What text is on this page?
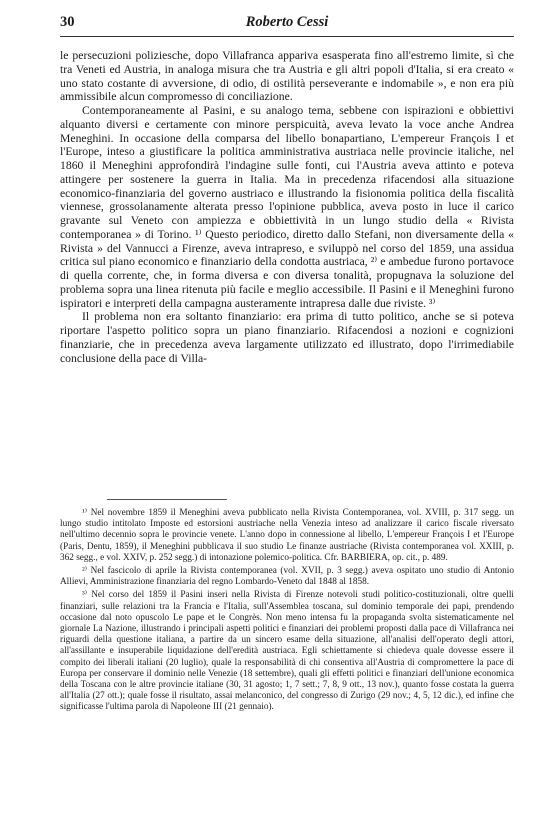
30	Roberto Cessi

le persecuzioni poliziesche, dopo Villafranca appariva esasperata fino all'estremo limite, sì che tra Veneti ed Austria, in analoga misura che tra Austria e gli altri popoli d'Italia, si era creato « uno stato costante di avversione, di odio, di ostilità perseverante e indomabile », e non era più ammissibile alcun compromesso di conciliazione.

Contemporaneamente al Pasini, e su analogo tema, sebbene con ispirazioni e obbiettivi alquanto diversi e certamente con minore perspicuità, aveva levato la voce anche Andrea Meneghini. In occasione della comparsa del libello bonapartiano, L'empereur François I et l'Europe, inteso a giustificare la politica amministrativa austriaca nelle provincie italiche, nel 1860 il Meneghini approfondirà l'indagine sulle fonti, cui l'Austria aveva attinto e poteva attingere per sostenere la guerra in Italia. Ma in precedenza rifacendosi alla situazione economico-finanziaria del governo austriaco e illustrando la fisionomia politica della fiscalità viennese, grossolanamente alterata presso l'opinione pubblica, aveva posto in luce il carico gravante sul Veneto con ampiezza e obbiettività in un lungo studio della « Rivista contemporanea » di Torino. ¹⁾ Questo periodico, diretto dallo Stefani, non diversamente della « Rivista » del Vannucci a Firenze, aveva intrapreso, e sviluppò nel corso del 1859, una assidua critica sul piano economico e finanziario della condotta austriaca, ²⁾ e ambedue furono portavoce di quella corrente, che, in forma diversa e con diversa tonalità, propugnava la soluzione del problema sopra una linea ritenuta più facile e meglio accessibile. Il Pasini e il Meneghini furono ispiratori e interpreti della campagna austeramente intrapresa dalle due riviste. ³⁾

Il problema non era soltanto finanziario: era prima di tutto politico, anche se si poteva riportare l'aspetto politico sopra un piano finanziario. Rifacendosi a nozioni e cognizioni finanziarie, che in precedenza aveva largamente utilizzato ed illustrato, dopo l'irrimediabile conclusione della pace di Villa-

¹⁾ Nel novembre 1859 il Meneghini aveva pubblicato nella Rivista Contemporanea, vol. XVIII, p. 317 segg. un lungo studio intitolato Imposte ed estorsioni austriache nella Venezia inteso ad analizzare il carico fiscale riversato nell'ultimo decennio sopra le provincie venete. L'anno dopo in connessione al libello, L'empereur François I et l'Europe (Paris, Dentu, 1859), il Meneghini pubblicava il suo studio Le finanze austriache (Rivista contemporanea vol. XXIII, p. 362 segg., e vol. XXIV, p. 252 segg.) di intonazione polemico-politica. Cfr. BARBIERA, op. cit., p. 489.

²⁾ Nel fascicolo di aprile la Rivista contemporanea (vol. XVII, p. 3 segg.) aveva ospitato uno studio di Antonio Allievi, Amministrazione finanziaria del regno Lombardo-Veneto dal 1848 al 1858.

³⁾ Nel corso del 1859 il Pasini inserì nella Rivista di Firenze notevoli studi politico-costituzionali, oltre quelli finanziari, sulle relazioni tra la Francia e l'Italia, sull'Assemblea toscana, sul dominio temporale dei papi, prendendo occasione dal noto opuscolo Le pape et le Congrès. Non meno intensa fu la propaganda svolta sistematicamente nel giornale La Nazione, illustrando i principali aspetti politici e finanziari dei problemi proposti dalla pace di Villafranca nei riguardi della questione italiana, a partire da un sincero esame della situazione, all'analisi dell'operato degli attori, all'assillante e insuperabile liquidazione dell'eredità austriaca. Egli schiettamente si chiedeva quale dovesse essere il compito dei liberali italiani (20 luglio), quale la responsabilità di chi consentiva all'Austria di compromettere la pace di Europa per conservare il dominio nelle Venezie (18 settembre), quali gli effetti politici e finanziari dell'unione economica della Toscana con le altre provincie italiane (30, 31 agosto; 1, 7 sett.; 7, 8, 9 ott., 13 nov.), quanto fosse costata la guerra all'Italia (27 ott.); quale fosse il risultato, assai melanconico, del congresso di Zurigo (29 nov.; 4, 5, 12 dic.), ed infine che significasse l'ultima parola di Napoleone III (21 gennaio).
